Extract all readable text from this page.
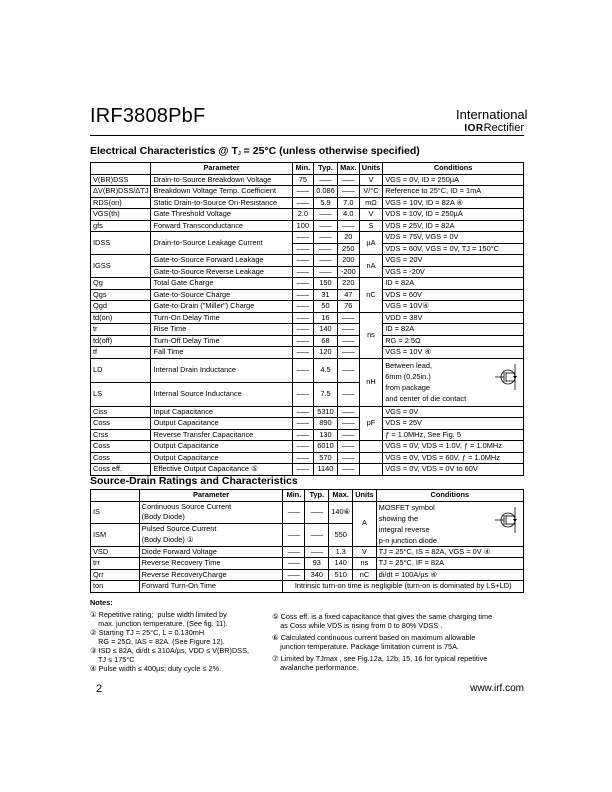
IRF3808PbF	International
IORRectifier
Electrical Characteristics @ $T_J = 25^\circ C$ (unless otherwise specified)
	Parameter	Min.	Typ.	Max.	Units	Conditions
V(BR)DSS	Drain-to-Source Breakdown Voltage	75	–––	–––	V	VGS = 0V, ID = 250µA
ΔV(BR)DSS/ΔTJ	Breakdown Voltage Temp. Coefficient	–––	0.086	–––	V/°C	Reference to 25°C, ID = 1mA
RDS(on)	Static Drain-to-Source On-Resistance	–––	5.9	7.0	mΩ	VGS = 10V, ID = 82A ④
VGS(th)	Gate Threshold Voltage	2.0	–––	4.0	V	VDS = 10V, ID = 250µA
gfs	Forward Transconductance	100	–––	–––	S	VDS = 25V, ID = 82A
IDSS	Drain-to-Source Leakage Current	–––	–––	20	µA	VDS = 75V, VGS = 0V
		–––	–––	250		VDS = 60V, VGS = 0V, TJ = 150°C
IGSS	Gate-to-Source Forward Leakage	–––	–––	200	nA	VGS = 20V
	Gate-to-Source Reverse Leakage	–––	–––	-200		VGS = -20V
Qg	Total Gate Charge	–––	150	220	nC	ID = 82A
Qgs	Gate-to-Source Charge	–––	31	47		VDS = 60V
Qgd	Gate-to-Drain ("Miller") Charge	–––	50	76		VGS = 10V④
td(on)	Turn-On Delay Time	–––	16	–––	ns	VDD = 38V
tr	Rise Time	–––	140	–––		ID = 82A
td(off)	Turn-Off Delay Time	–––	68	–––		RG = 2.5Ω
tf	Fall Time	–––	120	–––		VGS = 10V ④
LD	Internal Drain Inductance	–––	4.5	–––	nH	Between lead,
6mm (0.25in.)
from package
and center of die contact

LS	Internal Source Inductance	–––	7.5	–––		
Ciss	Input Capacitance	–––	5310	–––	pF	VGS = 0V
Coss	Output Capacitance	–––	890	–––		VDS = 25V
Crss	Reverse Transfer Capacitance	–––	130	–––		ƒ = 1.0MHz, See Fig. 5
Coss	Output Capacitance	–––	6010	–––		VGS = 0V, VDS = 1.0V, ƒ = 1.0MHz
Coss	Output Capacitance	–––	570	–––		VGS = 0V, VDS = 60V, ƒ = 1.0MHz
Coss eff.	Effective Output Capacitance ⑤	–––	1140	–––		VGS = 0V, VDS = 0V to 60V
Source-Drain Ratings and Characteristics
	Parameter	Min.	Typ.	Max.	Units	Conditions
IS	Continuous Source Current
(Body Diode)	–––	–––	140⑥	A	MOSFET symbol
showing the
integral reverse
p-n junction diode.

ISM	Pulsed Source Current
(Body Diode) ①	–––	–––	550		
VSD	Diode Forward Voltage	–––	–––	1.3	V	TJ = 25°C, IS = 82A, VGS = 0V ④
trr	Reverse Recovery Time	–––	93	140	ns	TJ = 25°C, IF = 82A
Qrr	Reverse RecoveryCharge	–––	340	510	nC	di/dt = 100A/µs ④
ton	Forward Turn-On Time	Intrinsic turn-on time is negligible (turn-on is dominated by LS+LD)				
Notes:
① Repetitive rating;  pulse width limited by
max. junction temperature. (See fig. 11).
② Starting TJ = 25°C, L = 0.130mH
RG = 25Ω, IAS = 82A. (See Figure 12).
③ ISD ≤ 82A, di/dt ≤ 310A/µs, VDD ≤ V(BR)DSS,
TJ ≤ 175°C
④ Pulse width ≤ 400µs; duty cycle ≤ 2%.
⑤ Coss eff. is a fixed capacitance that gives the same charging time
as Coss while VDS is rising from 0 to 80% VDSS .
⑥ Calculated continuous current based on maximum allowable
junction temperature. Package limitation current is 75A.
⑦ Limited by TJmax , see Fig.12a, 12b, 15, 16 for typical repetitive
avalanche performance.
2	www.irf.com
